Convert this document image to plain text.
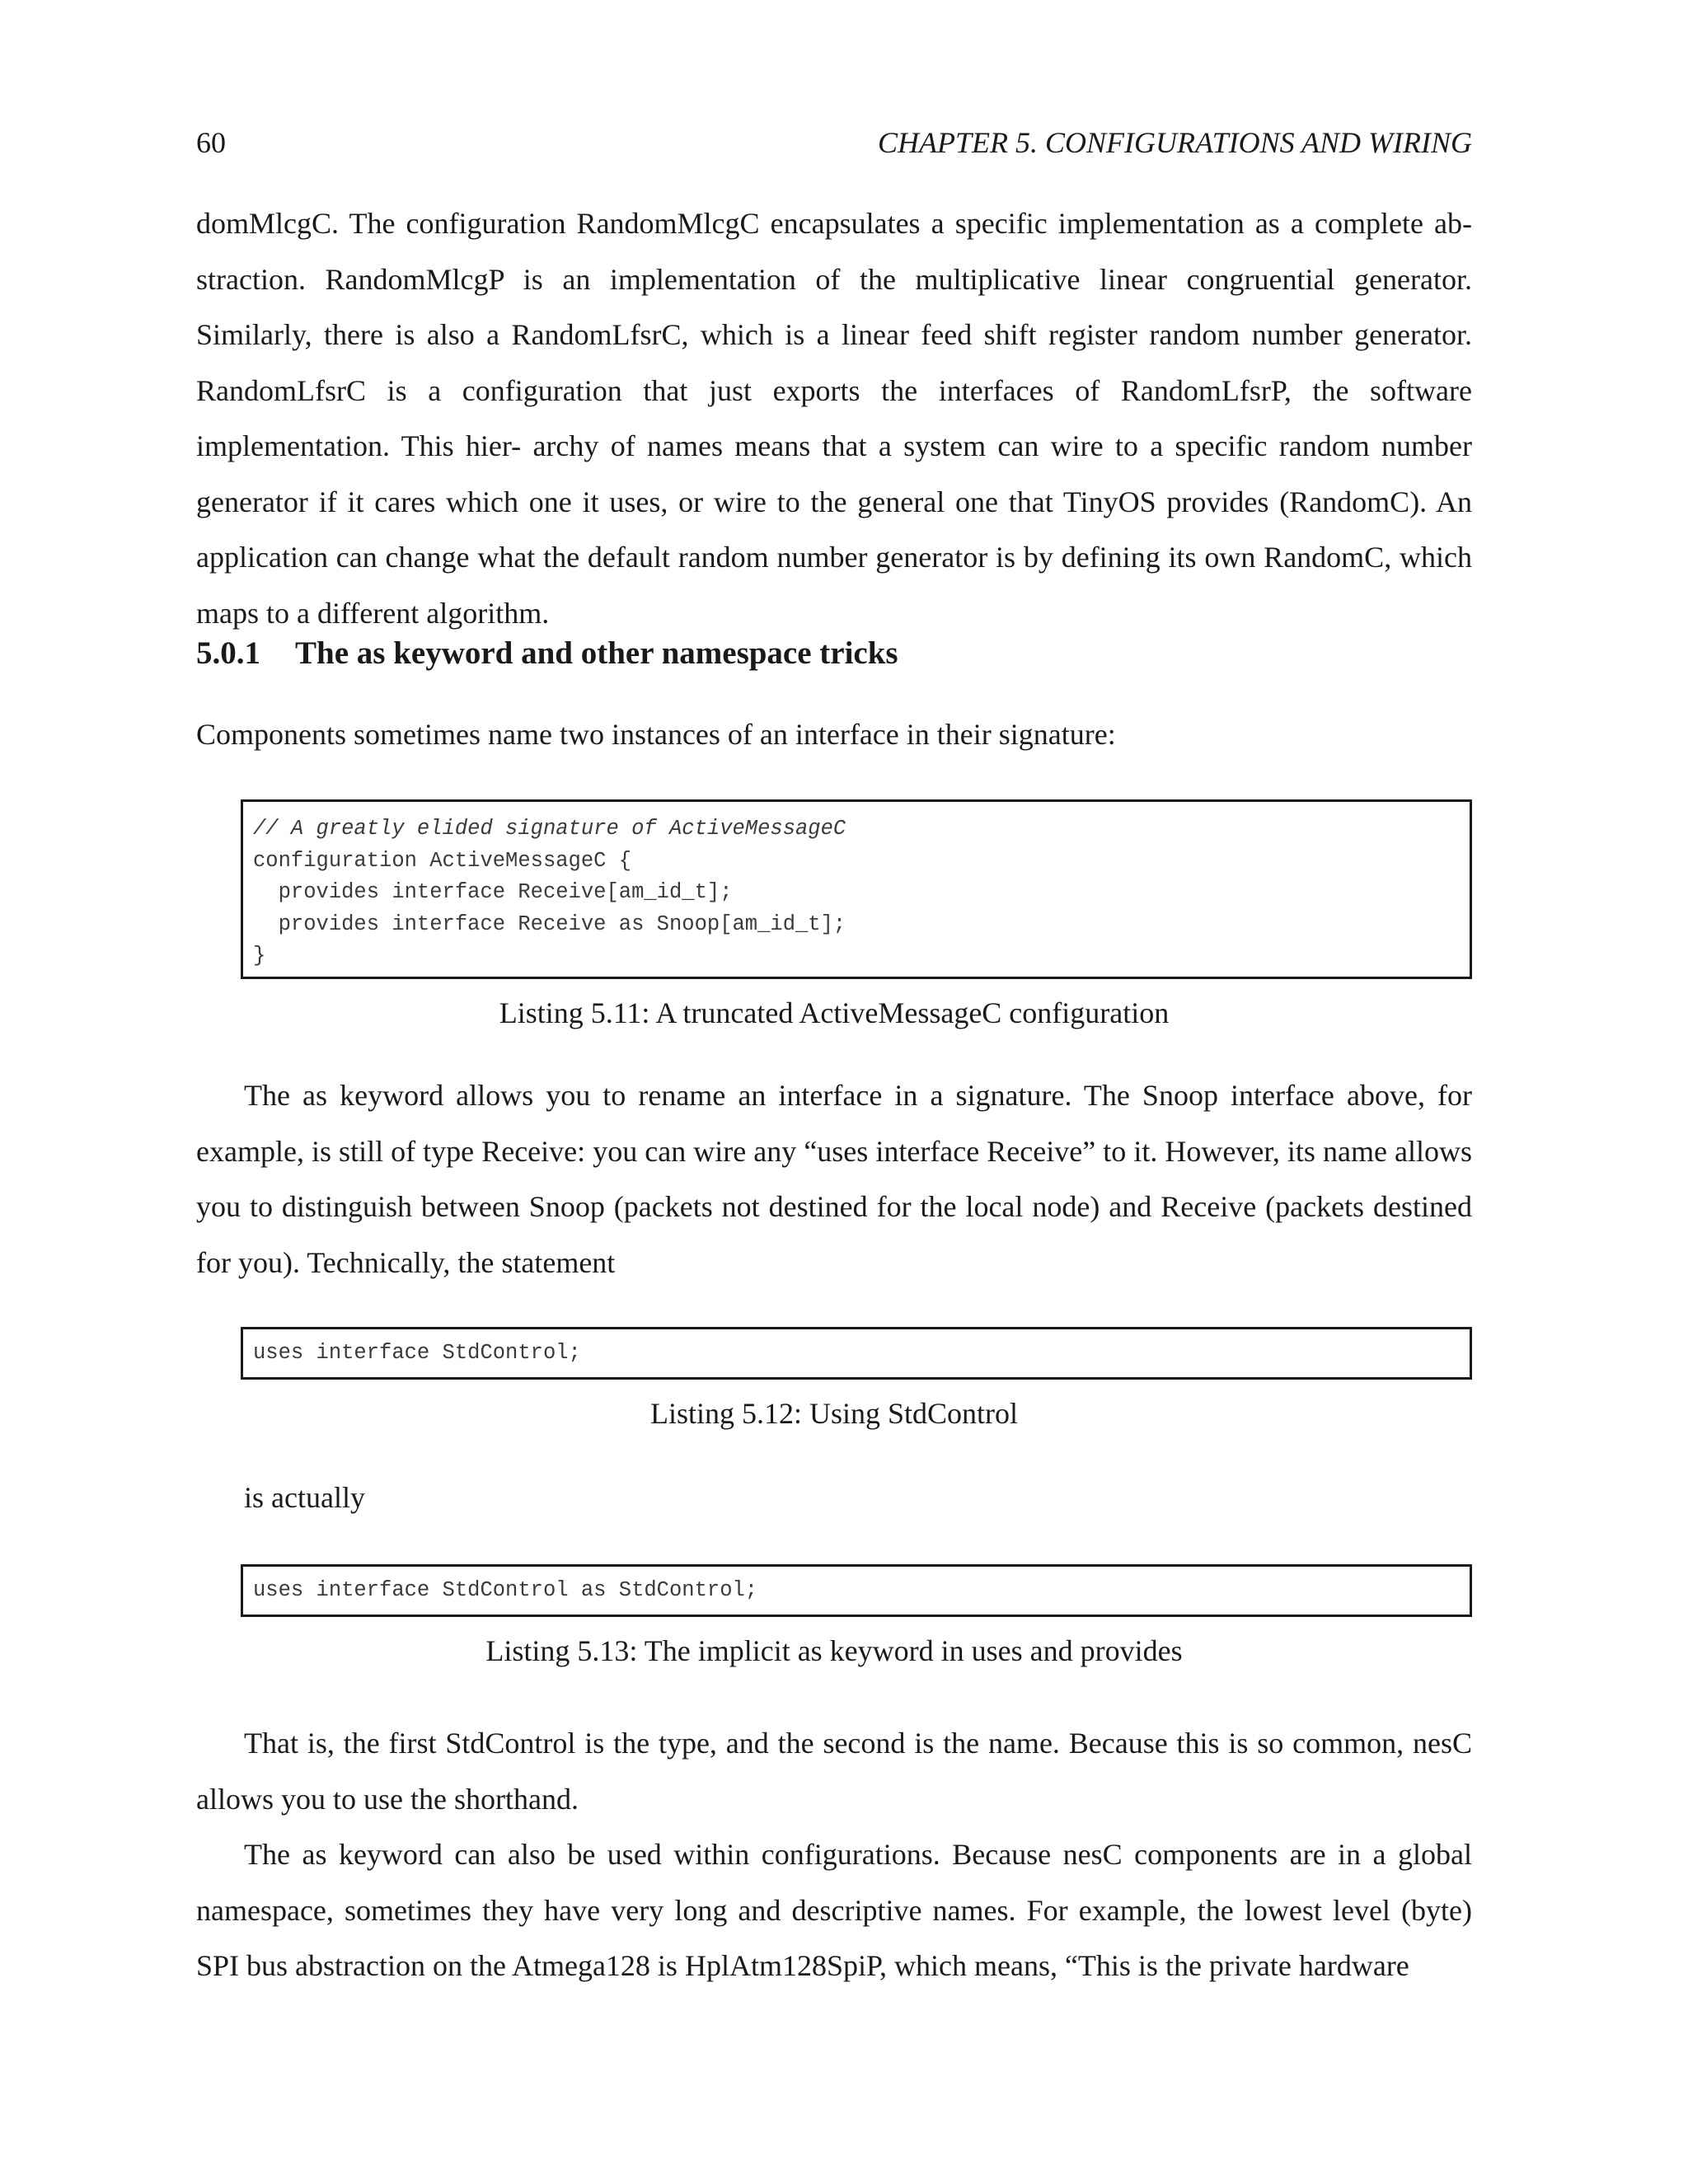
60	CHAPTER 5. CONFIGURATIONS AND WIRING

domMlcgC. The configuration RandomMlcgC encapsulates a specific implementation as a complete ab- straction. RandomMlcgP is an implementation of the multiplicative linear congruential generator. Similarly, there is also a RandomLfsrC, which is a linear feed shift register random number generator. RandomLfsrC is a configuration that just exports the interfaces of RandomLfsrP, the software implementation. This hier- archy of names means that a system can wire to a specific random number generator if it cares which one it uses, or wire to the general one that TinyOS provides (RandomC). An application can change what the default random number generator is by defining its own RandomC, which maps to a different algorithm.

5.0.1 The as keyword and other namespace tricks

Components sometimes name two instances of an interface in their signature:

// A greatly elided signature of ActiveMessageC
configuration ActiveMessageC {
provides interface Receive[am_id_t];
provides interface Receive as Snoop[am_id_t];
}
Listing 5.11: A truncated ActiveMessageC configuration

The as keyword allows you to rename an interface in a signature. The Snoop interface above, for example, is still of type Receive: you can wire any “uses interface Receive” to it. However, its name allows you to distinguish between Snoop (packets not destined for the local node) and Receive (packets destined for you). Technically, the statement

uses interface StdControl;
Listing 5.12: Using StdControl
is actually
uses interface StdControl as StdControl;
Listing 5.13: The implicit as keyword in uses and provides

That is, the first StdControl is the type, and the second is the name. Because this is so common, nesC allows you to use the shorthand.

The as keyword can also be used within configurations. Because nesC components are in a global namespace, sometimes they have very long and descriptive names. For example, the lowest level (byte) SPI bus abstraction on the Atmega128 is HplAtm128SpiP, which means, “This is the private hardware
